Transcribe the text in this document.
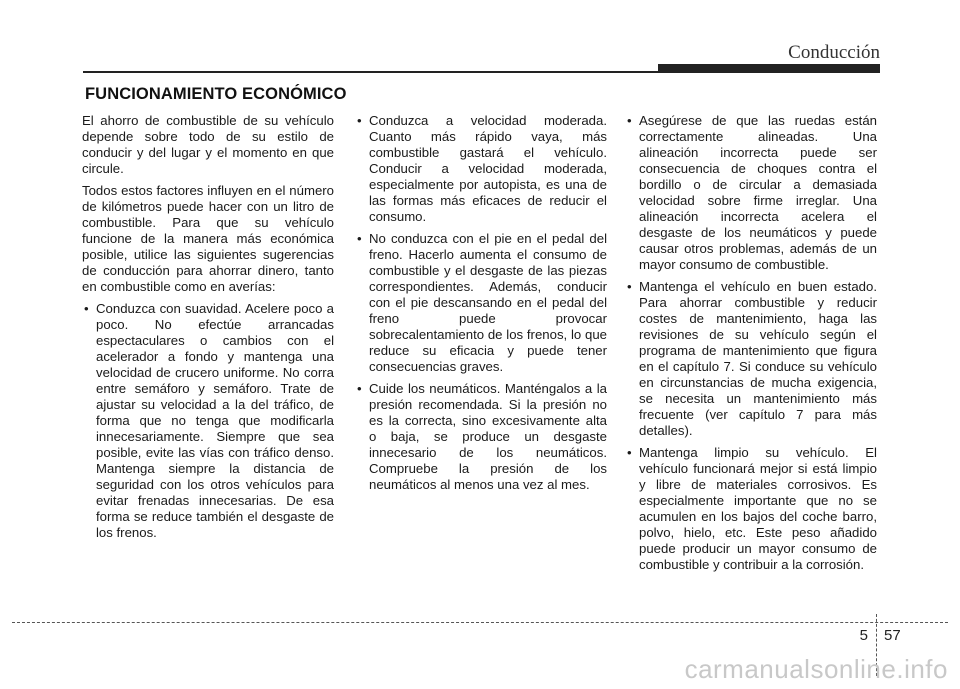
Conducción
FUNCIONAMIENTO ECONÓMICO

El ahorro de combustible de su vehículo depende sobre todo de su estilo de conducir y del lugar y el momento en que circule.

Todos estos factores influyen en el número de kilómetros puede hacer con un litro de combustible. Para que su vehículo funcione de la manera más económica posible, utilice las siguientes sugerencias de conducción para ahorrar dinero, tanto en combustible como en averías:

• Conduzca con suavidad. Acelere poco a poco. No efectúe arrancadas espectaculares o cambios con el acelerador a fondo y mantenga una velocidad de crucero uniforme. No corra entre semáforo y semáforo. Trate de ajustar su velocidad a la del tráfico, de forma que no tenga que modificarla innecesariamente. Siempre que sea posible, evite las vías con tráfico denso. Mantenga siempre la distancia de seguridad con los otros vehículos para evitar frenadas innecesarias. De esa forma se reduce también el desgaste de los frenos.
• Conduzca a velocidad moderada. Cuanto más rápido vaya, más combustible gastará el vehículo. Conducir a velocidad moderada, especialmente por autopista, es una de las formas más eficaces de reducir el consumo.
• No conduzca con el pie en el pedal del freno. Hacerlo aumenta el consumo de combustible y el desgaste de las piezas correspondientes. Además, conducir con el pie descansando en el pedal del freno puede provocar sobrecalentamiento de los frenos, lo que reduce su eficacia y puede tener consecuencias graves.
• Cuide los neumáticos. Manténgalos a la presión recomendada. Si la presión no es la correcta, sino excesivamente alta o baja, se produce un desgaste innecesario de los neumáticos. Compruebe la presión de los neumáticos al menos una vez al mes.
• Asegúrese de que las ruedas están correctamente alineadas. Una alineación incorrecta puede ser consecuencia de choques contra el bordillo o de circular a demasiada velocidad sobre firme irreglar. Una alineación incorrecta acelera el desgaste de los neumáticos y puede causar otros problemas, además de un mayor consumo de combustible.
• Mantenga el vehículo en buen estado. Para ahorrar combustible y reducir costes de mantenimiento, haga las revisiones de su vehículo según el programa de mantenimiento que figura en el capítulo 7. Si conduce su vehículo en circunstancias de mucha exigencia, se necesita un mantenimiento más frecuente (ver capítulo 7 para más detalles).
• Mantenga limpio su vehículo. El vehículo funcionará mejor si está limpio y libre de materiales corrosivos. Es especialmente importante que no se acumulen en los bajos del coche barro, polvo, hielo, etc. Este peso añadido puede producir un mayor consumo de combustible y contribuir a la corrosión.
5 57
carmanualsonline.info
